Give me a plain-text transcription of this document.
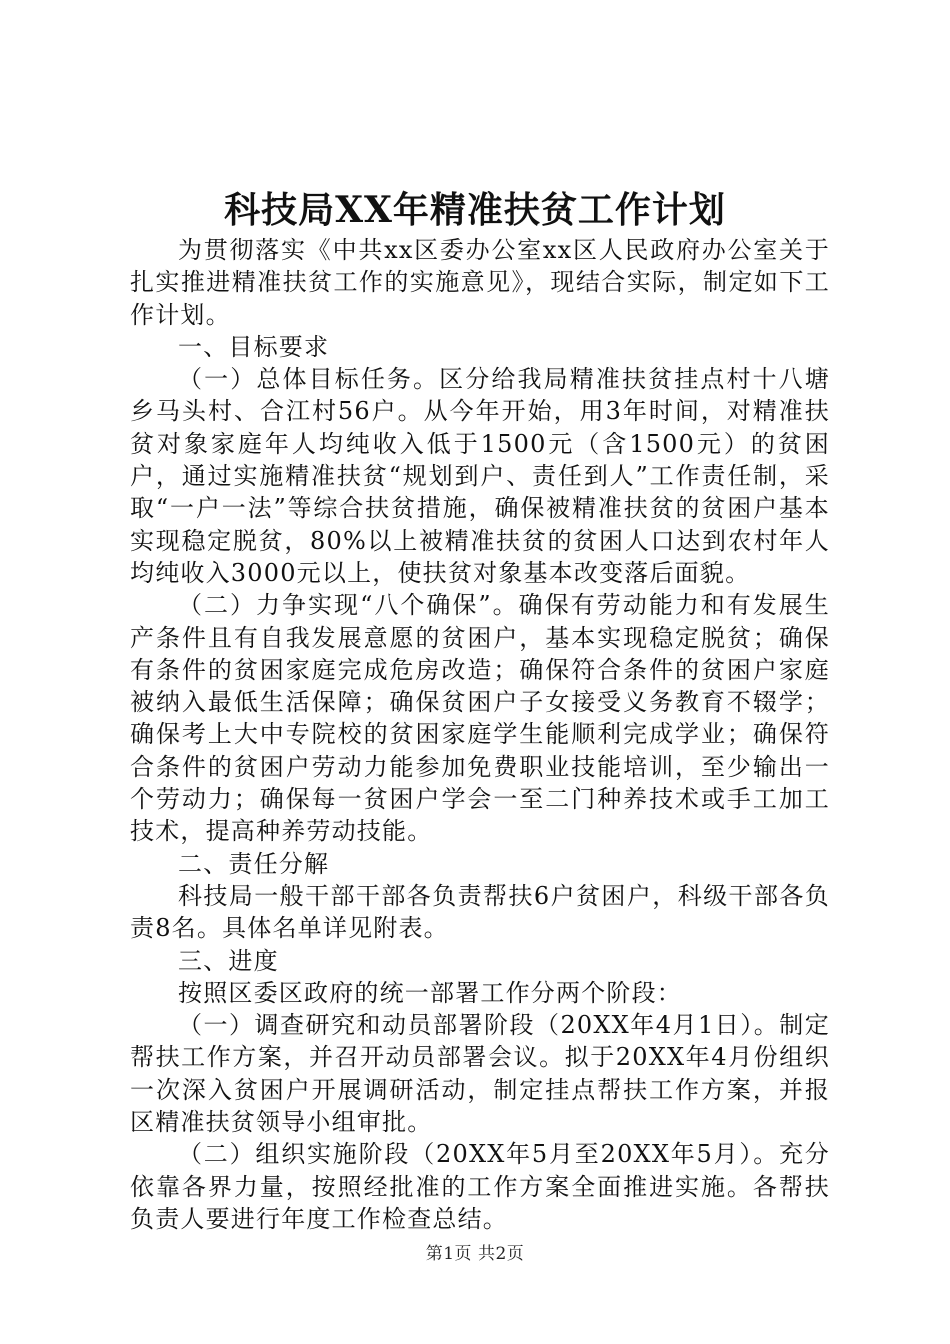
科技局XX年精准扶贫工作计划

为贯彻落实《中共xx区委办公室xx区人民政府办公室关于扎实推进精准扶贫工作的实施意见》，现结合实际，制定如下工作计划。

一、目标要求

（一）总体目标任务。区分给我局精准扶贫挂点村十八塘乡马头村、合江村56户。从今年开始，用3年时间，对精准扶贫对象家庭年人均纯收入低于1500元（含1500元）的贫困户，通过实施精准扶贫“规划到户、责任到人”工作责任制，采取“一户一法”等综合扶贫措施，确保被精准扶贫的贫困户基本实现稳定脱贫，80%以上被精准扶贫的贫困人口达到农村年人均纯收入3000元以上，使扶贫对象基本改变落后面貌。

（二）力争实现“八个确保”。确保有劳动能力和有发展生产条件且有自我发展意愿的贫困户，基本实现稳定脱贫；确保有条件的贫困家庭完成危房改造；确保符合条件的贫困户家庭被纳入最低生活保障；确保贫困户子女接受义务教育不辍学；确保考上大中专院校的贫困家庭学生能顺利完成学业；确保符合条件的贫困户劳动力能参加免费职业技能培训，至少输出一个劳动力；确保每一贫困户学会一至二门种养技术或手工加工技术，提高种养劳动技能。

二、责任分解

科技局一般干部干部各负责帮扶6户贫困户，科级干部各负责8名。具体名单详见附表。

三、进度

按照区委区政府的统一部署工作分两个阶段：

（一）调查研究和动员部署阶段（20XX年4月1日）。制定帮扶工作方案，并召开动员部署会议。拟于20XX年4月份组织一次深入贫困户开展调研活动，制定挂点帮扶工作方案，并报区精准扶贫领导小组审批。

（二）组织实施阶段（20XX年5月至20XX年5月）。充分依靠各界力量，按照经批准的工作方案全面推进实施。各帮扶负责人要进行年度工作检查总结。

第1页 共2页
